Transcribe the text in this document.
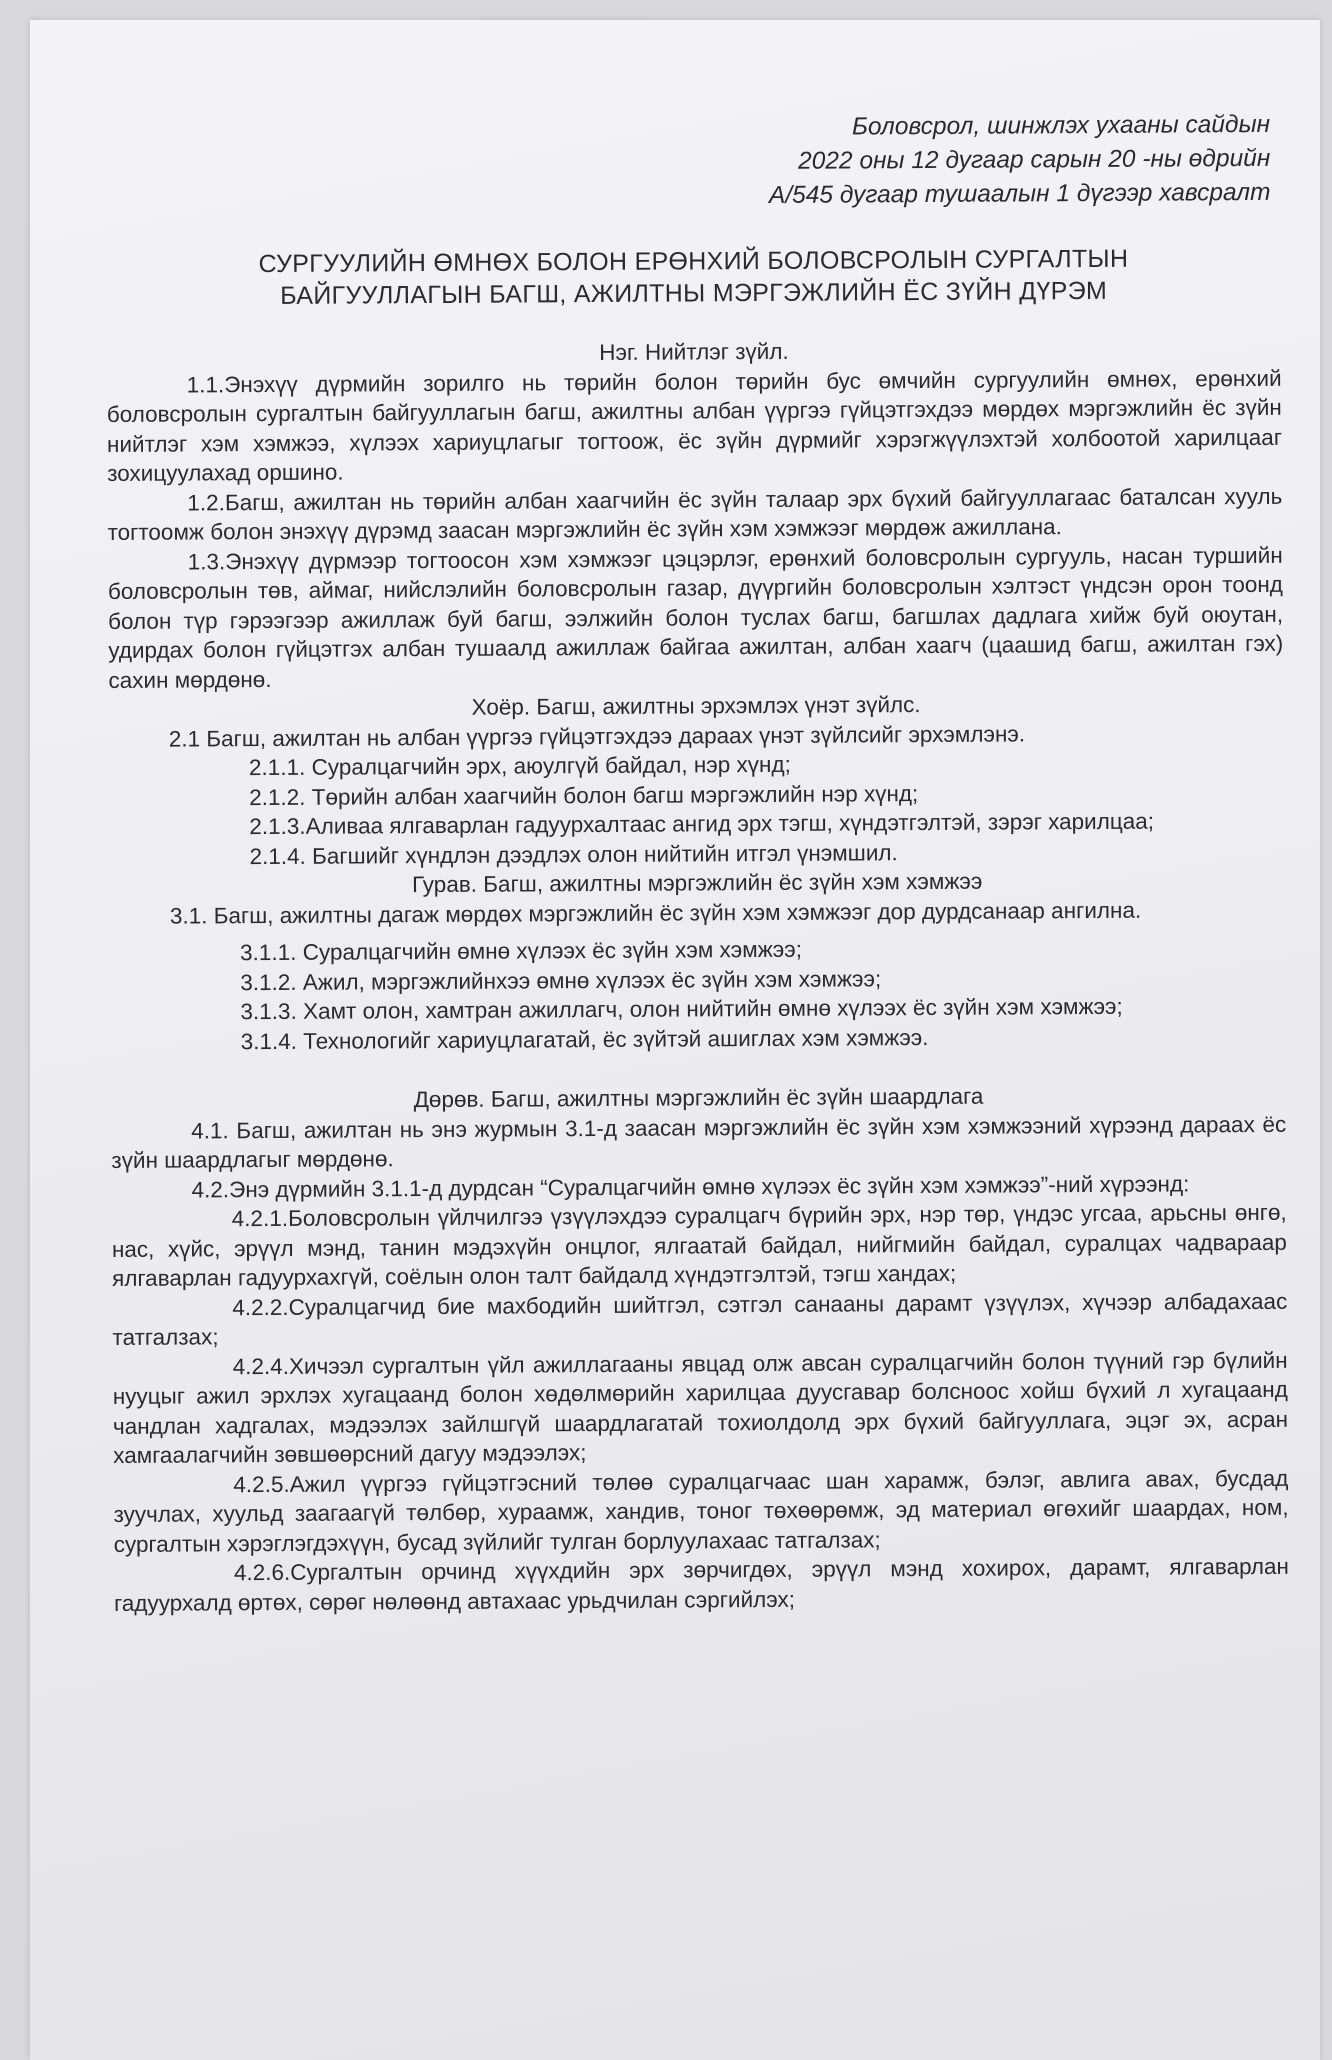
Боловсрол, шинжлэх ухааны сайдын
2022 оны 12 дугаар сарын 20 -ны өдрийн
А/545 дугаар тушаалын 1 дүгээр хавсралт
СУРГУУЛИЙН ӨМНӨХ БОЛОН ЕРӨНХИЙ БОЛОВСРОЛЫН СУРГАЛТЫН
БАЙГУУЛЛАГЫН БАГШ, АЖИЛТНЫ МЭРГЭЖЛИЙН ЁС ЗҮЙН ДҮРЭМ

Нэг. Нийтлэг зүйл.

1.1.Энэхүү дүрмийн зорилго нь төрийн болон төрийн бус өмчийн сургуулийн өмнөх, ерөнхий боловсролын сургалтын байгууллагын багш, ажилтны албан үүргээ гүйцэтгэхдээ мөрдөх мэргэжлийн ёс зүйн нийтлэг хэм хэмжээ, хүлээх хариуцлагыг тогтоож, ёс зүйн дүрмийг хэрэгжүүлэхтэй холбоотой харилцааг зохицуулахад оршино.

1.2.Багш, ажилтан нь төрийн албан хаагчийн ёс зүйн талаар эрх бүхий байгууллагаас баталсан хууль тогтоомж болон энэхүү дүрэмд заасан мэргэжлийн ёс зүйн хэм хэмжээг мөрдөж ажиллана.

1.3.Энэхүү дүрмээр тогтоосон хэм хэмжээг цэцэрлэг, ерөнхий боловсролын сургууль, насан туршийн боловсролын төв, аймаг, нийслэлийн боловсролын газар, дүүргийн боловсролын хэлтэст үндсэн орон тоонд болон түр гэрээгээр ажиллаж буй багш, ээлжийн болон туслах багш, багшлах дадлага хийж буй оюутан, удирдах болон гүйцэтгэх албан тушаалд ажиллаж байгаа ажилтан, албан хаагч (цаашид багш, ажилтан гэх) сахин мөрдөнө.

Хоёр. Багш, ажилтны эрхэмлэх үнэт зүйлс.

2.1 Багш, ажилтан нь албан үүргээ гүйцэтгэхдээ дараах үнэт зүйлсийг эрхэмлэнэ.

2.1.1. Суралцагчийн эрх, аюулгүй байдал, нэр хүнд;

2.1.2. Төрийн албан хаагчийн болон багш мэргэжлийн нэр хүнд;

2.1.3.Аливаа ялгаварлан гадуурхалтаас ангид эрх тэгш, хүндэтгэлтэй, зэрэг харилцаа;

2.1.4. Багшийг хүндлэн дээдлэх олон нийтийн итгэл үнэмшил.

Гурав. Багш, ажилтны мэргэжлийн ёс зүйн хэм хэмжээ

3.1. Багш, ажилтны дагаж мөрдөх мэргэжлийн ёс зүйн хэм хэмжээг дор дурдсанаар ангилна.

3.1.1. Суралцагчийн өмнө хүлээх ёс зүйн хэм хэмжээ;

3.1.2. Ажил, мэргэжлийнхээ өмнө хүлээх ёс зүйн хэм хэмжээ;

3.1.3. Хамт олон, хамтран ажиллагч, олон нийтийн өмнө хүлээх ёс зүйн хэм хэмжээ;

3.1.4. Технологийг хариуцлагатай, ёс зүйтэй ашиглах хэм хэмжээ.

Дөрөв. Багш, ажилтны мэргэжлийн ёс зүйн шаардлага

4.1. Багш, ажилтан нь энэ журмын 3.1-д заасан мэргэжлийн ёс зүйн хэм хэмжээний хүрээнд дараах ёс зүйн шаардлагыг мөрдөнө.

4.2.Энэ дүрмийн 3.1.1-д дурдсан “Суралцагчийн өмнө хүлээх ёс зүйн хэм хэмжээ”-ний хүрээнд:

4.2.1.Боловсролын үйлчилгээ үзүүлэхдээ суралцагч бүрийн эрх, нэр төр, үндэс угсаа, арьсны өнгө, нас, хүйс, эрүүл мэнд, танин мэдэхүйн онцлог, ялгаатай байдал, нийгмийн байдал, суралцах чадвараар ялгаварлан гадуурхахгүй, соёлын олон талт байдалд хүндэтгэлтэй, тэгш хандах;

4.2.2.Суралцагчид бие махбодийн шийтгэл, сэтгэл санааны дарамт үзүүлэх, хүчээр албадахаас татгалзах;

4.2.4.Хичээл сургалтын үйл ажиллагааны явцад олж авсан суралцагчийн болон түүний гэр бүлийн нууцыг ажил эрхлэх хугацаанд болон хөдөлмөрийн харилцаа дуусгавар болсноос хойш бүхий л хугацаанд чандлан хадгалах, мэдээлэх зайлшгүй шаардлагатай тохиолдолд эрх бүхий байгууллага, эцэг эх, асран хамгаалагчийн зөвшөөрсний дагуу мэдээлэх;

4.2.5.Ажил үүргээ гүйцэтгэсний төлөө суралцагчаас шан харамж, бэлэг, авлига авах, бусдад зуучлах, хуульд заагаагүй төлбөр, хураамж, хандив, тоног төхөөрөмж, эд материал өгөхийг шаардах, ном, сургалтын хэрэглэгдэхүүн, бусад зүйлийг тулган борлуулахаас татгалзах;

4.2.6.Сургалтын орчинд хүүхдийн эрх зөрчигдөх, эрүүл мэнд хохирох, дарамт, ялгаварлан гадуурхалд өртөх, сөрөг нөлөөнд автахаас урьдчилан сэргийлэх;
